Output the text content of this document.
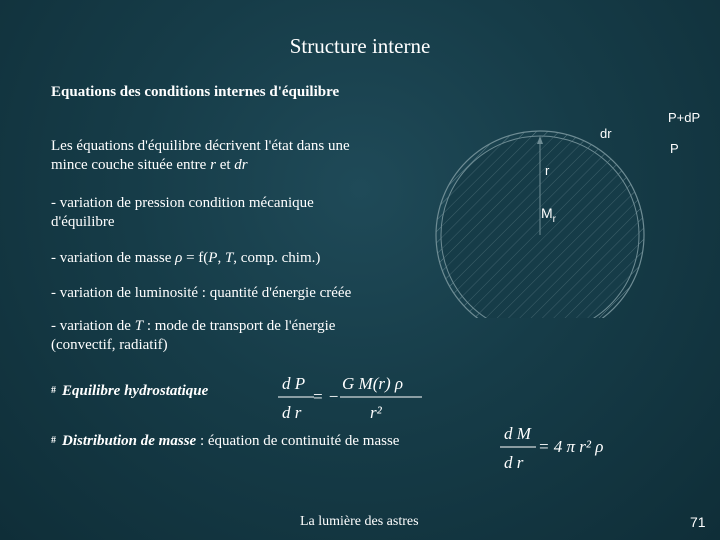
Structure interne
Equations des conditions internes d'équilibre
Les équations d'équilibre décrivent l'état dans une
mince couche située entre r et dr
- variation de pression condition mécanique
d'équilibre
- variation de masse ρ = f(P, T, comp. chim.)
- variation de luminosité : quantité d'énergie créée
- variation de T : mode de transport de l'énergie
(convectif, radiatif)
# Equilibre hydrostatique
# Distribution de masse : équation de continuité de masse
d P
d r
= −
G M(r) ρ
r²
d M
d r
= 4 π r² ρ
dr
P+dP
P
r
$M_r$
La lumière des astres	71
